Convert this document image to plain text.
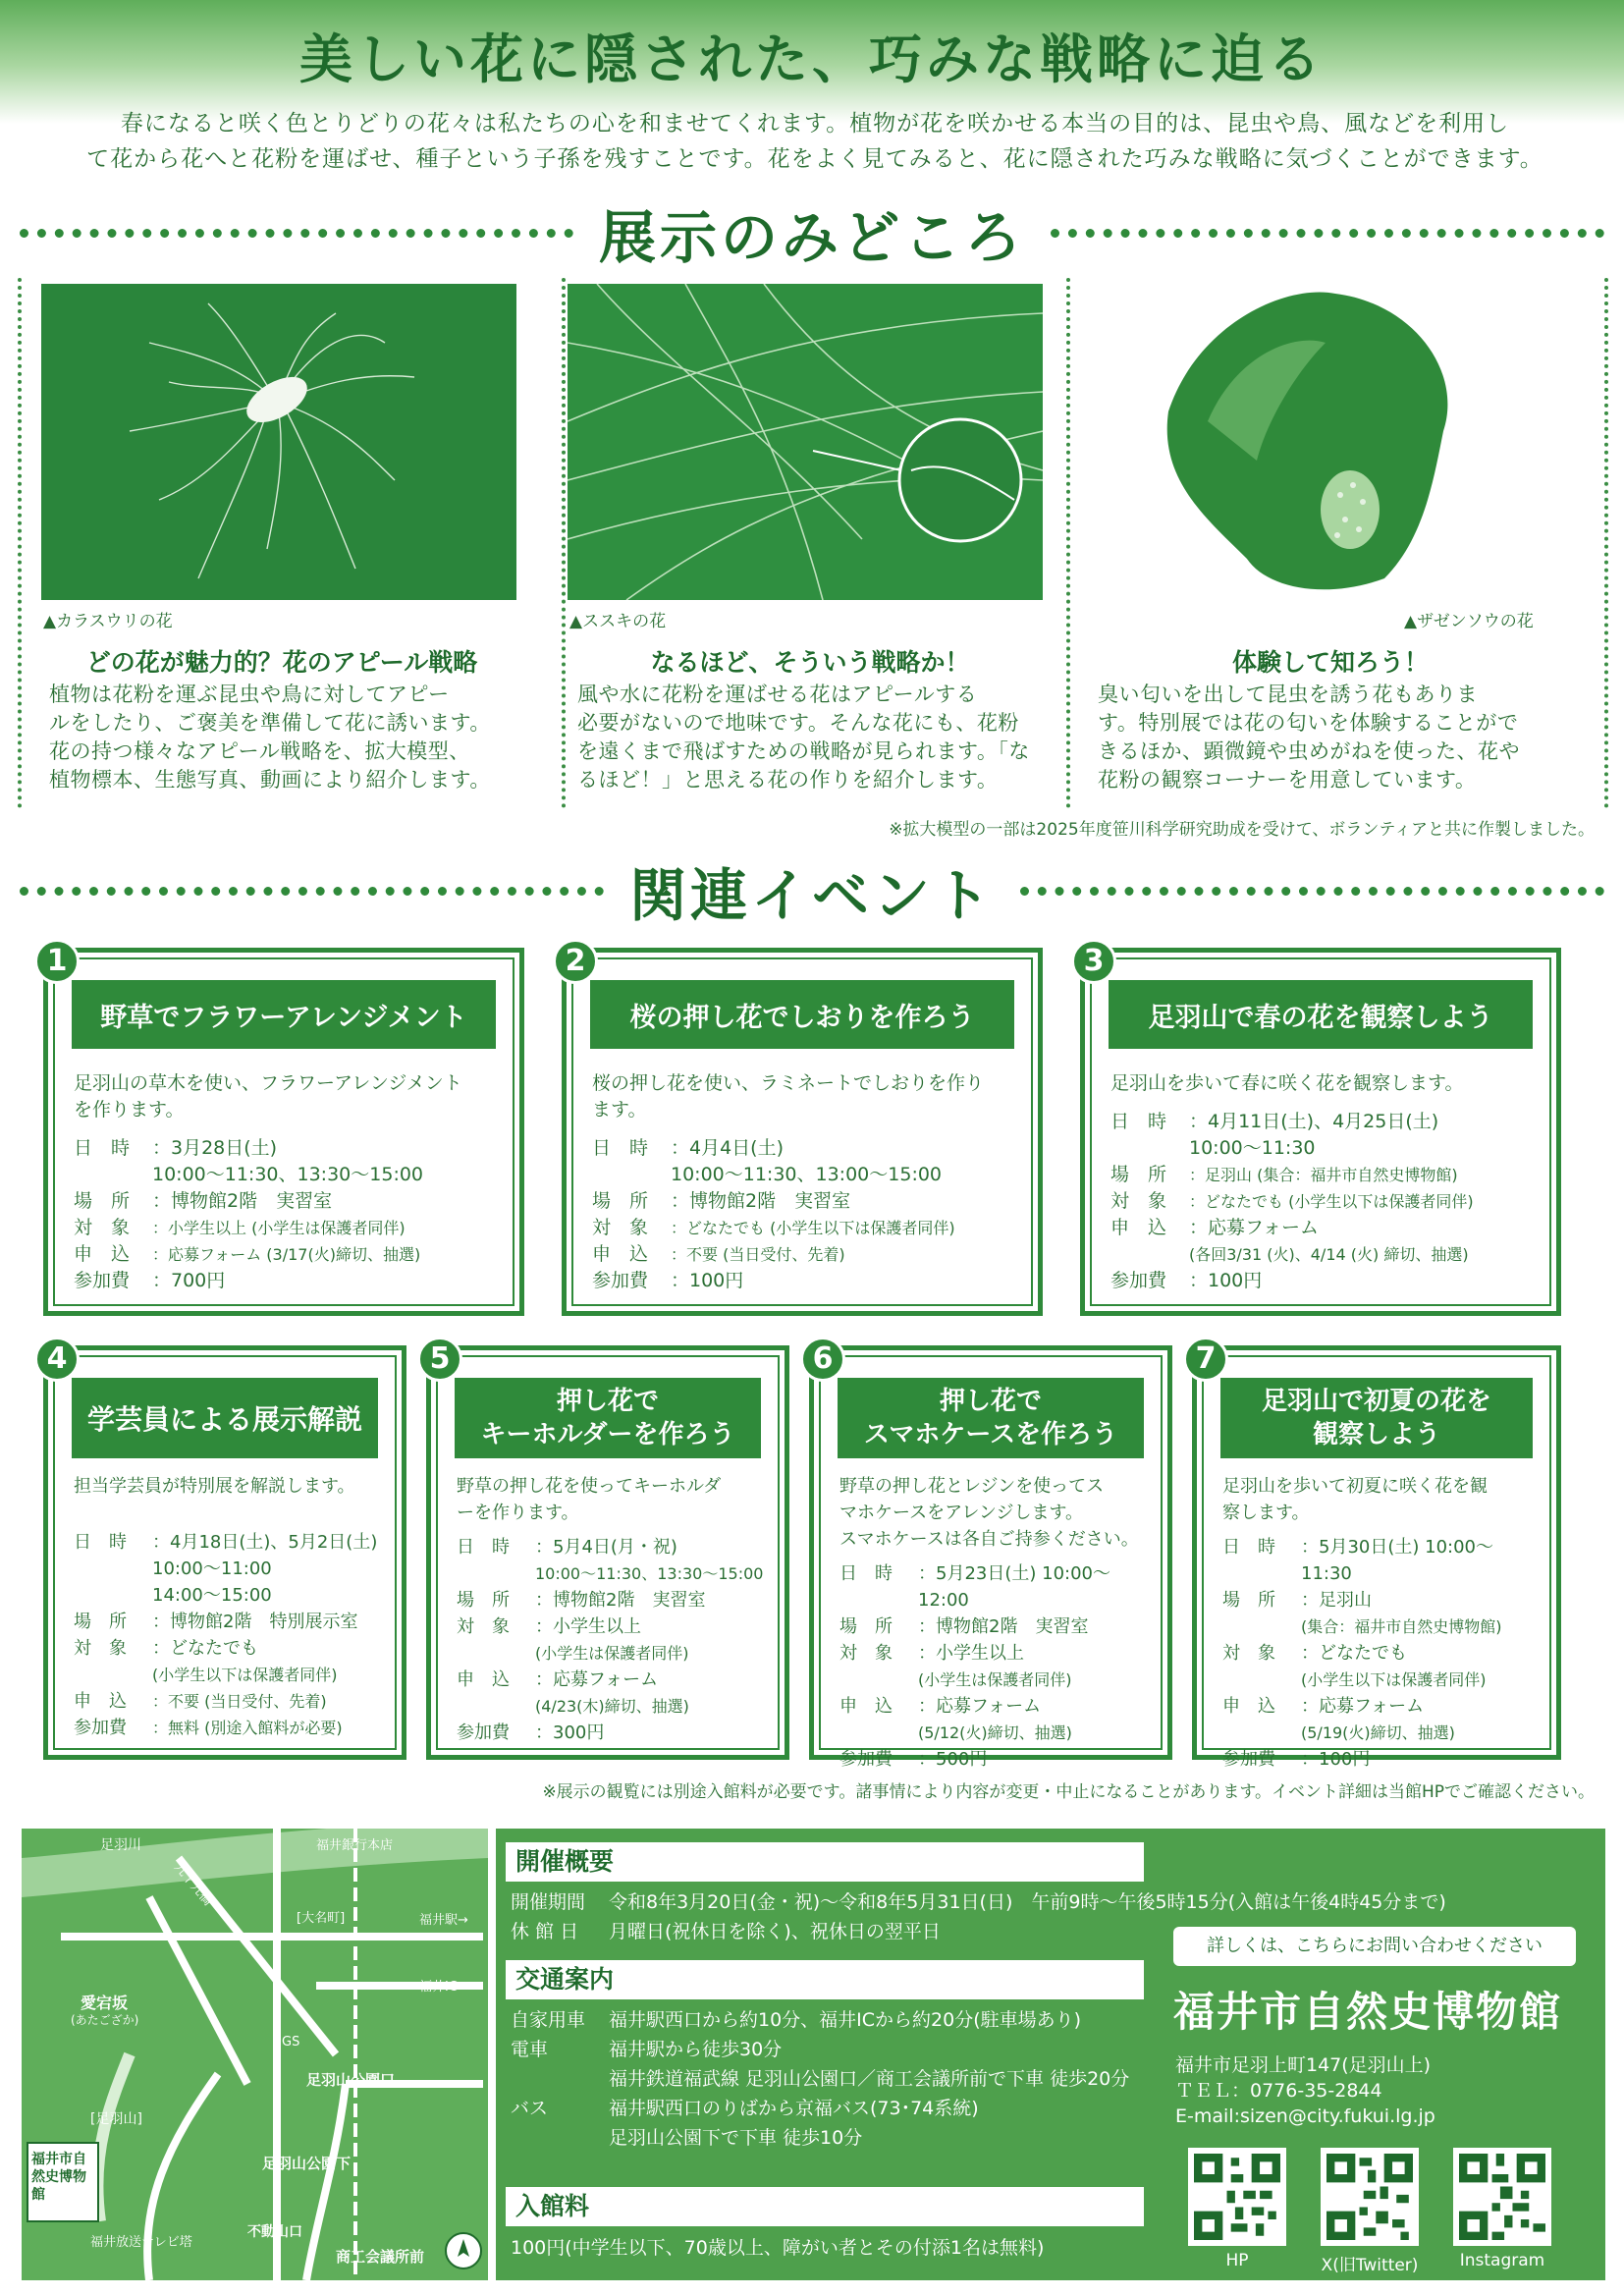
美しい花に隠された、巧みな戦略に迫る
春になると咲く色とりどりの花々は私たちの心を和ませてくれます。植物が花を咲かせる本当の目的は、昆虫や鳥、風などを利用し
て花から花へと花粉を運ばせ、種子という子孫を残すことです。花をよく見てみると、花に隠された巧みな戦略に気づくことができます。
展示のみどころ
▲カラスウリの花
どの花が魅力的？花のアピール戦略
植物は花粉を運ぶ昆虫や鳥に対してアピー
ルをしたり、ご褒美を準備して花に誘います。
花の持つ様々なアピール戦略を、拡大模型、
植物標本、生態写真、動画により紹介します。
▲ススキの花
なるほど、そういう戦略か！
風や水に花粉を運ばせる花はアピールする
必要がないので地味です。そんな花にも、花粉
を遠くまで飛ばすための戦略が見られます。「な
るほど！」と思える花の作りを紹介します。
▲ザゼンソウの花
体験して知ろう！
臭い匂いを出して昆虫を誘う花もありま
す。特別展では花の匂いを体験することがで
きるほか、顕微鏡や虫めがねを使った、花や
花粉の観察コーナーを用意しています。
※拡大模型の一部は2025年度笹川科学研究助成を受けて、ボランティアと共に作製しました。
関連イベント
1
野草でフラワーアレンジメント
足羽山の草木を使い、フラワーアレンジメント
を作ります。
日　時	：3月28日(土)
10:00〜11:30、13:30〜15:00
場　所	：博物館2階　実習室
対　象	：小学生以上 (小学生は保護者同伴)
申　込	：応募フォーム (3/17(火)締切、抽選)
参加費	：700円
2
桜の押し花でしおりを作ろう
桜の押し花を使い、ラミネートでしおりを作り
ます。
日　時	：4月4日(土)
10:00〜11:30、13:00〜15:00
場　所	：博物館2階　実習室
対　象	：どなたでも (小学生以下は保護者同伴)
申　込	：不要 (当日受付、先着)
参加費	：100円
3
足羽山で春の花を観察しよう
足羽山を歩いて春に咲く花を観察します。
日　時	：4月11日(土)、4月25日(土)
10:00〜11:30
場　所	：足羽山 (集合：福井市自然史博物館)
対　象	：どなたでも (小学生以下は保護者同伴)
申　込	：応募フォーム
(各回3/31 (火)、4/14 (火) 締切、抽選)
参加費	：100円
4
学芸員による展示解説
担当学芸員が特別展を解説します。
日　時	：4月18日(土)、5月2日(土)
10:00〜11:00
14:00〜15:00
場　所	：博物館2階　特別展示室
対　象	：どなたでも
(小学生以下は保護者同伴)
申　込	：不要 (当日受付、先着)
参加費	：無料 (別途入館料が必要)
5
押し花で
キーホルダーを作ろう
野草の押し花を使ってキーホルダ
ーを作ります。
日　時	：5月4日(月・祝)
10:00〜11:30、13:30〜15:00
場　所	：博物館2階　実習室
対　象	：小学生以上
(小学生は保護者同伴)
申　込	：応募フォーム
(4/23(木)締切、抽選)
参加費	：300円
6
押し花で
スマホケースを作ろう
野草の押し花とレジンを使ってス
マホケースをアレンジします。
スマホケースは各自ご持参ください。
日　時	：5月23日(土) 10:00〜12:00
場　所	：博物館2階　実習室
対　象	：小学生以上
(小学生は保護者同伴)
申　込	：応募フォーム
(5/12(火)締切、抽選)
参加費	：500円
7
足羽山で初夏の花を
観察しよう
足羽山を歩いて初夏に咲く花を観
察します。
日　時	：5月30日(土) 10:00〜11:30
場　所	：足羽山
(集合：福井市自然史博物館)
対　象	：どなたでも
(小学生以下は保護者同伴)
申　込	：応募フォーム
(5/19(火)締切、抽選)
参加費	：100円
※展示の観覧には別途入館料が必要です。諸事情により内容が変更・中止になることがあります。イベント詳細は当館HPでご確認ください。
足羽川	福井銀行本店
九十九橋
[大名町]	福井駅→
福井IC→
愛宕坂
(あたござか)
[足羽山]
GS
足羽山公園口
足羽山公園下
商工会議所前
不動山口
福井放送テレビ塔
福井市自然史博物館
開催概要
開催期間 令和8年3月20日(金・祝)〜令和8年5月31日(日)　午前9時〜午後5時15分(入館は午後4時45分まで)
休 館 日 月曜日(祝休日を除く)、祝休日の翌平日
交通案内
自家用車 福井駅西口から約10分、福井ICから約20分(駐車場あり)
電車	福井駅から徒歩30分
福井鉄道福武線 足羽山公園口／商工会議所前で下車 徒歩20分
バス	福井駅西口のりばから京福バス(73･74系統)
足羽山公園下で下車 徒歩10分
入館料
100円(中学生以下、70歳以上、障がい者とその付添1名は無料)
詳しくは、こちらにお問い合わせください
福井市自然史博物館
福井市足羽上町147(足羽山上)
ＴＥＬ：0776-35-2844
E-mail:sizen@city.fukui.lg.jp
HP	X(旧Twitter)	Instagram
